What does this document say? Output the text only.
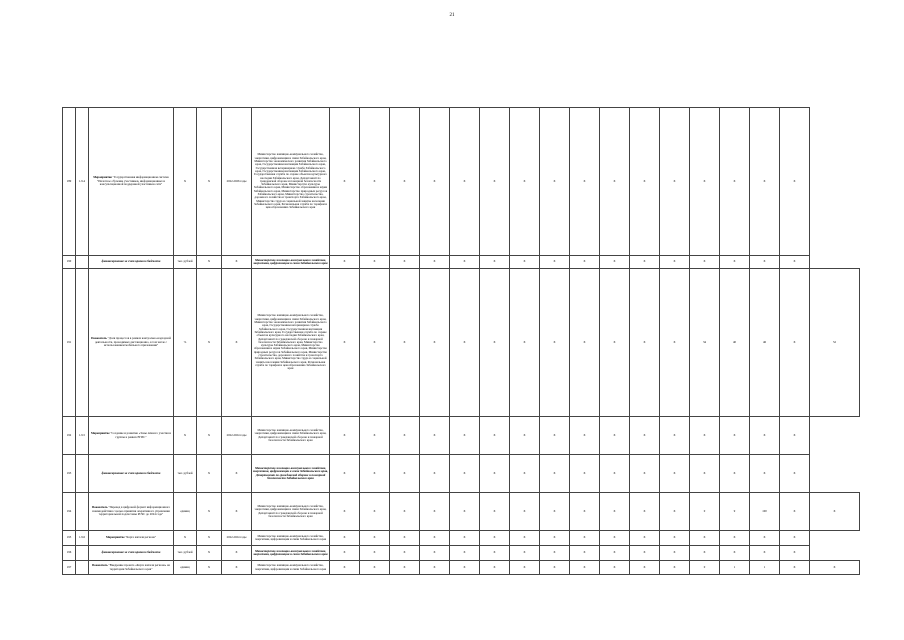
21
189	1.9.4	Мероприятие "Государственная информационная система "Пилотное обучение участников, информационных и консультационной поддержкой участников сети"	X	X	2022-2026 годы	Министерство жилищно-коммунального хозяйства, энергетики, цифровизации и связи Забайкальского края, Министерство экономического развития Забайкальского края, Государственная инспекция Забайкальского края, Государственная ветеринарная служба Забайкальского края, Государственная инспекция Забайкальского края, Государственная служба по охране объектов культурного наследия Забайкальского края, Департамент по гражданской обороне и пожарной безопасности Забайкальского края, Министерство культуры Забайкальского края, Министерство образования и науки Забайкальского края, Министерство природных ресурсов Забайкальского края, Министерство строительства, дорожного хозяйства и транспорта Забайкальского края, Министерство труда и социальной защиты населения Забайкальского края, Региональная служба по тарифам и ценообразованию Забайкальского края	X	X	X	X	X	X	X	X	X	X	X	X	X	X	X	X	
190		финансирование за счет краевого бюджета	тыс. рублей	X	X	Министерство жилищно-коммунального хозяйства, энергетики, цифровизации и связи Забайкальского края	X	X	X	X	X	X	X	X	X	X	X	X	X	X	X	X	
191		Показатель "Доля процессов в рамках контрольно-надзорной деятельности, проводимых дистанционно, в том числе с использованием мобильного приложения"	%	X	X	Министерство жилищно-коммунального хозяйства, энергетики, цифровизации и связи Забайкальского края, Министерство экономического развития Забайкальского края, Государственная ветеринарная служба Забайкальского края, Государственная инспекция Забайкальского края, Государственная служба по охране объектов культурного наследия Забайкальского края, Департамент по гражданской обороне и пожарной безопасности Забайкальского края, Министерство культуры Забайкальского края, Министерство образования и науки Забайкальского края, Министерство природных ресурсов Забайкальского края, Министерство строительства, дорожного хозяйства и транспорта Забайкальского края, Министерство труда и социальной защиты населения Забайкальского края, Региональная служба по тарифам и ценообразованию Забайкальского края	X	X	X	X	X	X	X	X	X	X	X	X	34	40	46	X	52
192	1.9.5	Мероприятие "Создание и развитие «Зоны личного участия и группы в рамках ЕГИС"	X	X	2022-2024 годы	Министерство жилищно-коммунального хозяйства, энергетики, цифровизации и связи Забайкальского края, Департамент по гражданской обороне и пожарной безопасности Забайкальского края	X	X	X	X	X	X	X	X	X	X	X	X	X	X	X	X	
193		финансирование за счет краевого бюджета	тыс. рублей	X	X	Министерство жилищно-коммунального хозяйства, энергетики, цифровизации и связи Забайкальского края, Департамент по гражданской обороне и пожарной безопасности Забайкальского края	X	X	X	X	X	X	X	X	X	X	X	X	X	X	X	X	
194		Показатель "Перевод в цифровой формат информационного взаимодействия с целью принятия оперативного управления территориальной подсистемы РСЧС до 2024 года"	единиц	X	X	Министерство жилищно-коммунального хозяйства, энергетики, цифровизации и связи Забайкальского края, Департамент по гражданской обороне и пожарной безопасности Забайкальского края	X	X	X	X	X	X	X	X	X	X	X	X	0	9	100	X	X
195	1.9.6	Мероприятие "Карта жителя региона"	X	X	2022-2024 годы	Министерство жилищно-коммунального хозяйства, энергетики, цифровизации и связи Забайкальского края	X	X	X	X	X	X	X	X	X	X	X	X	X	X	X	X	
196		финансирование за счет краевого бюджета	тыс. рублей	X	X	Министерство жилищно-коммунального хозяйства, энергетики, цифровизации и связи Забайкальского края	X	X	X	X	X	X	X	X	X	X	X	X	X	X	X	X	
197		Показатель "Внедрение проекта «Карта жителя региона» на территории Забайкальского края"	единиц	X	X	Министерство жилищно-коммунального хозяйства, энергетики, цифровизации и связи Забайкальского края	X	X	X	X	X	X	X	X	X	X	X	X	0	1	1	X	X
